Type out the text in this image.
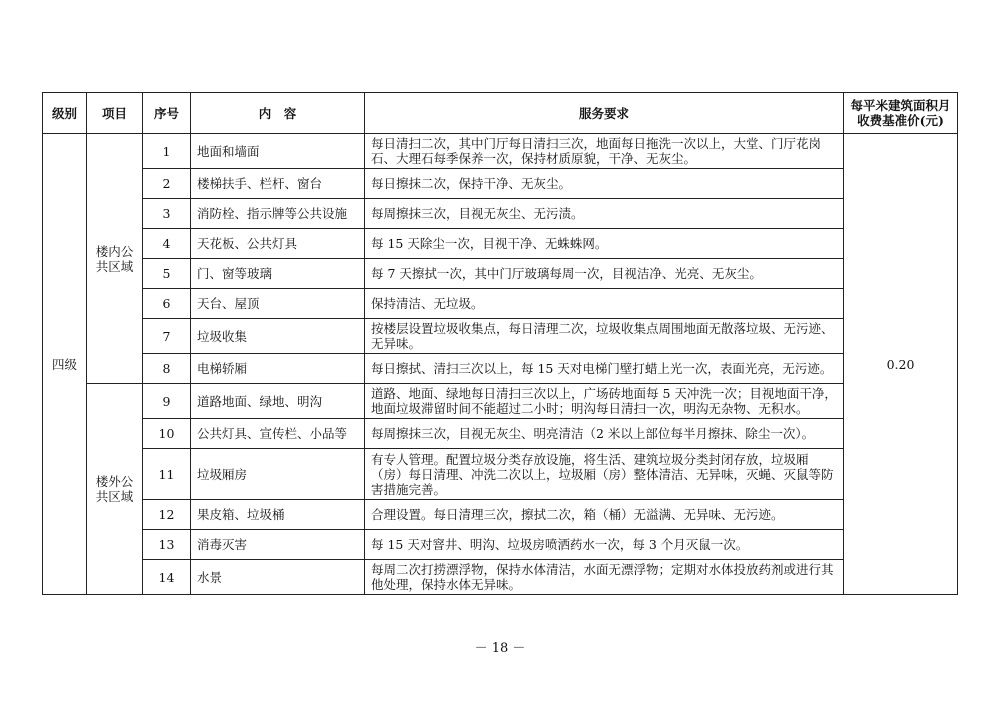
级别	项目	序号	内　容	服务要求	每平米建筑面积月收费基准价(元)
四级	楼内公共区域	1	地面和墙面	每日清扫二次，其中门厅每日清扫三次，地面每日拖洗一次以上，大堂、门厅花岗石、大理石每季保养一次，保持材质原貌，干净、无灰尘。	0.20
		2	楼梯扶手、栏杆、窗台	每日擦抹二次，保持干净、无灰尘。	
		3	消防栓、指示牌等公共设施	每周擦抹三次，目视无灰尘、无污渍。	
		4	天花板、公共灯具	每 15 天除尘一次，目视干净、无蛛蛛网。	
		5	门、窗等玻璃	每 7 天擦拭一次，其中门厅玻璃每周一次，目视洁净、光亮、无灰尘。	
		6	天台、屋顶	保持清洁、无垃圾。	
		7	垃圾收集	按楼层设置垃圾收集点，每日清理二次，垃圾收集点周围地面无散落垃圾、无污迹、无异味。	
		8	电梯轿厢	每日擦拭、清扫三次以上，每 15 天对电梯门壁打蜡上光一次，表面光亮，无污迹。	
	楼外公共区域	9	道路地面、绿地、明沟	道路、地面、绿地每日清扫三次以上，广场砖地面每 5 天冲洗一次；目视地面干净，地面垃圾滞留时间不能超过二小时；明沟每日清扫一次，明沟无杂物、无积水。	
		10	公共灯具、宣传栏、小品等	每周擦抹三次，目视无灰尘、明亮清洁（2 米以上部位每半月擦抹、除尘一次）。	
		11	垃圾厢房	有专人管理。配置垃圾分类存放设施，将生活、建筑垃圾分类封闭存放，垃圾厢（房）每日清理、冲洗二次以上，垃圾厢（房）整体清洁、无异味，灭蝇、灭鼠等防害措施完善。	
		12	果皮箱、垃圾桶	合理设置。每日清理三次，擦拭二次，箱（桶）无溢满、无异味、无污迹。	
		13	消毒灭害	每 15 天对窨井、明沟、垃圾房喷洒药水一次，每 3 个月灭鼠一次。	
		14	水景	每周二次打捞漂浮物，保持水体清洁，水面无漂浮物；定期对水体投放药剂或进行其他处理，保持水体无异味。	
－ 18 －
